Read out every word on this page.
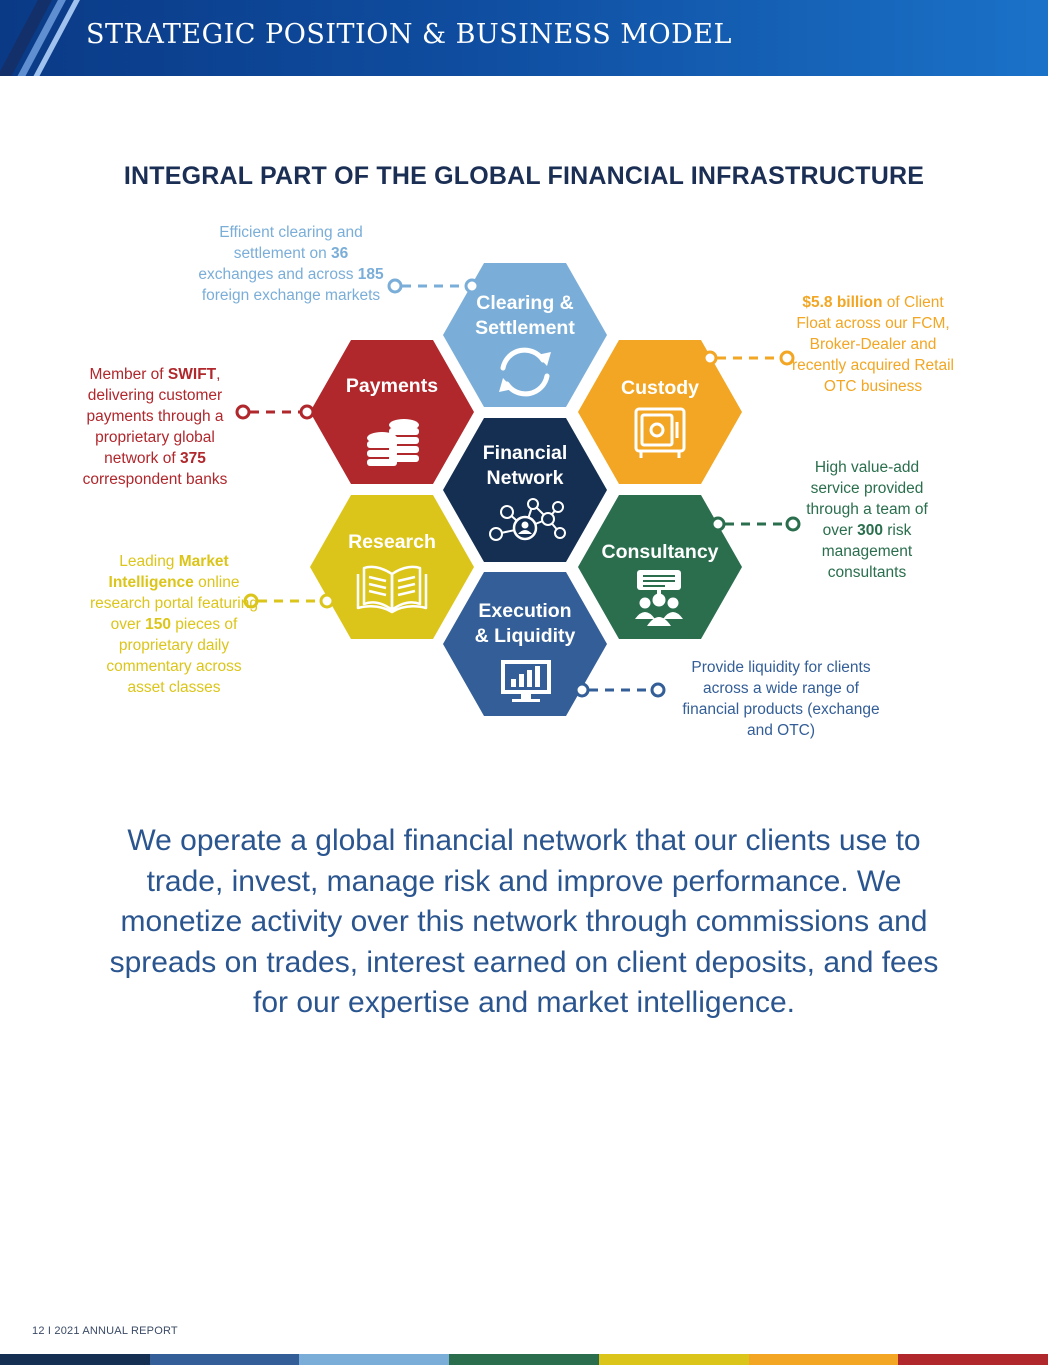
STRATEGIC POSITION & BUSINESS MODEL
INTEGRAL PART OF THE GLOBAL FINANCIAL INFRASTRUCTURE
Clearing &
Settlement
Payments	Custody
Financial
Network
Research	Consultancy
Execution
& Liquidity
Efficient clearing and settlement on 36 exchanges and across 185 foreign exchange markets
Member of SWIFT, delivering customer payments through a proprietary global network of 375 correspondent banks
$5.8 billion of Client Float across our FCM, Broker-Dealer and recently acquired Retail OTC business
High value-add service provided through a team of over 300 risk management consultants
Leading Market Intelligence online research portal featuring over 150 pieces of proprietary daily commentary across asset classes
Provide liquidity for clients across a wide range of financial products (exchange and OTC)
We operate a global financial network that our clients use to trade, invest, manage risk and improve performance. We monetize activity over this network through commissions and spreads on trades, interest earned on client deposits, and fees for our expertise and market intelligence.
12 I 2021 ANNUAL REPORT
